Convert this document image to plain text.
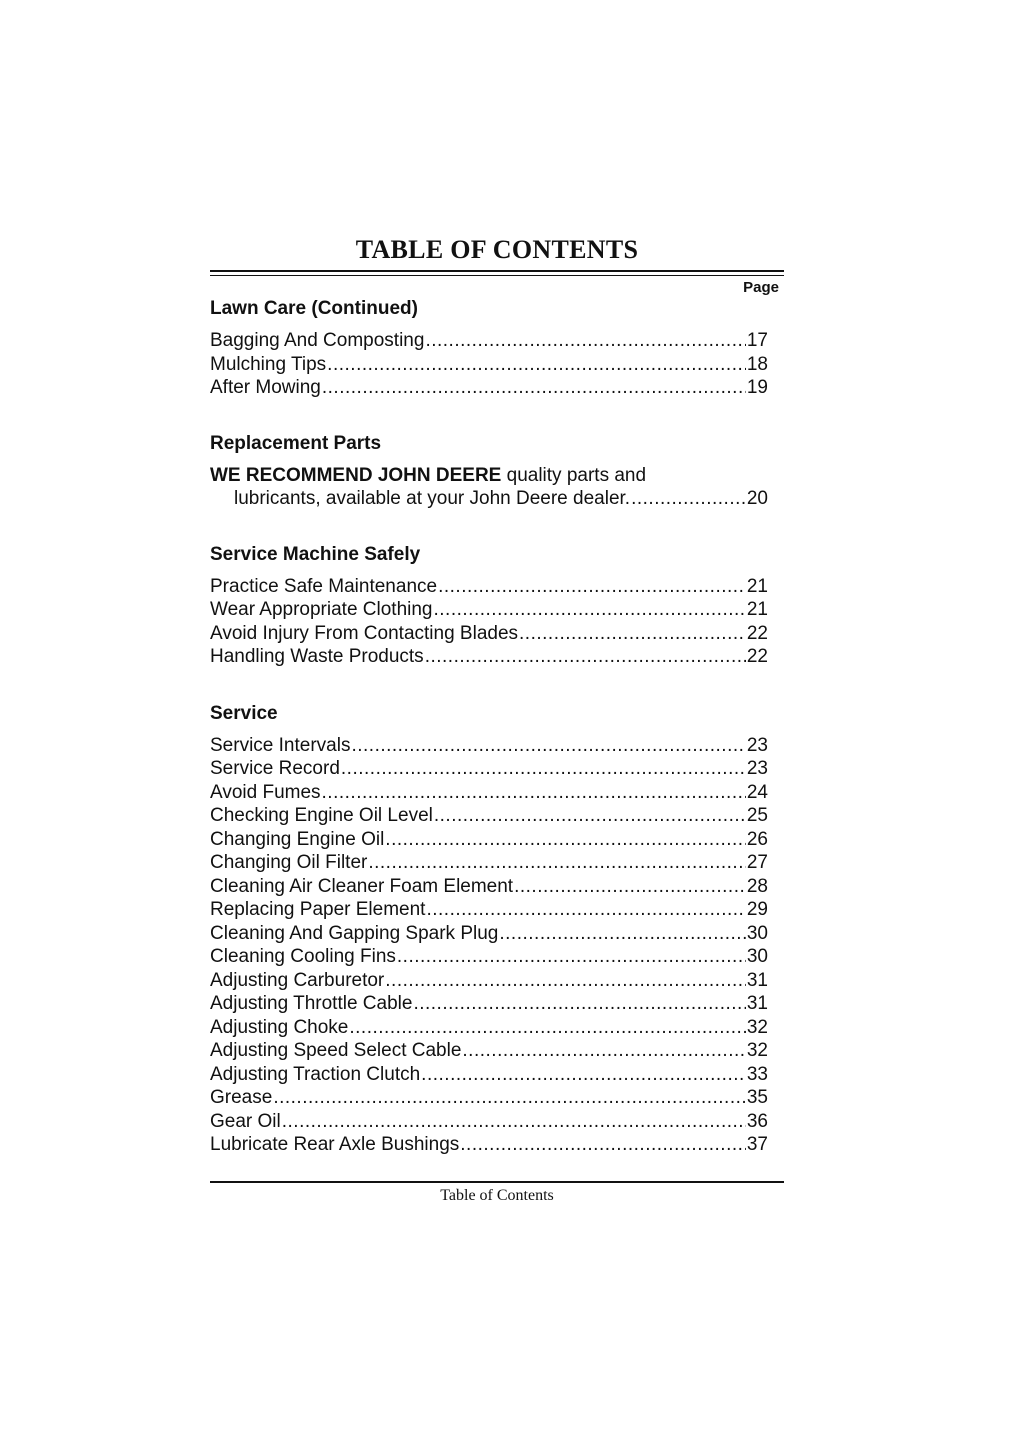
TABLE OF CONTENTS
Page
Lawn Care (Continued)
Bagging And Composting .....	17
Mulching Tips .....	18
After Mowing .....	19
Replacement Parts
WE RECOMMEND JOHN DEERE quality parts and
lubricants, available at your John Deere dealer. .....	20
Service Machine Safely
Practice Safe Maintenance .....	21
Wear Appropriate Clothing .....	21
Avoid Injury From Contacting Blades .....	22
Handling Waste Products .....	22
Service
Service Intervals .....	23
Service Record .....	23
Avoid Fumes .....	24
Checking Engine Oil Level .....	25
Changing Engine Oil .....	26
Changing Oil Filter .....	27
Cleaning Air Cleaner Foam Element .....	28
Replacing Paper Element .....	29
Cleaning And Gapping Spark Plug .....	30
Cleaning Cooling Fins .....	30
Adjusting Carburetor .....	31
Adjusting Throttle Cable .....	31
Adjusting Choke .....	32
Adjusting Speed Select Cable .....	32
Adjusting Traction Clutch .....	33
Grease .....	35
Gear Oil .....	36
Lubricate Rear Axle Bushings .....	37
Table of Contents
